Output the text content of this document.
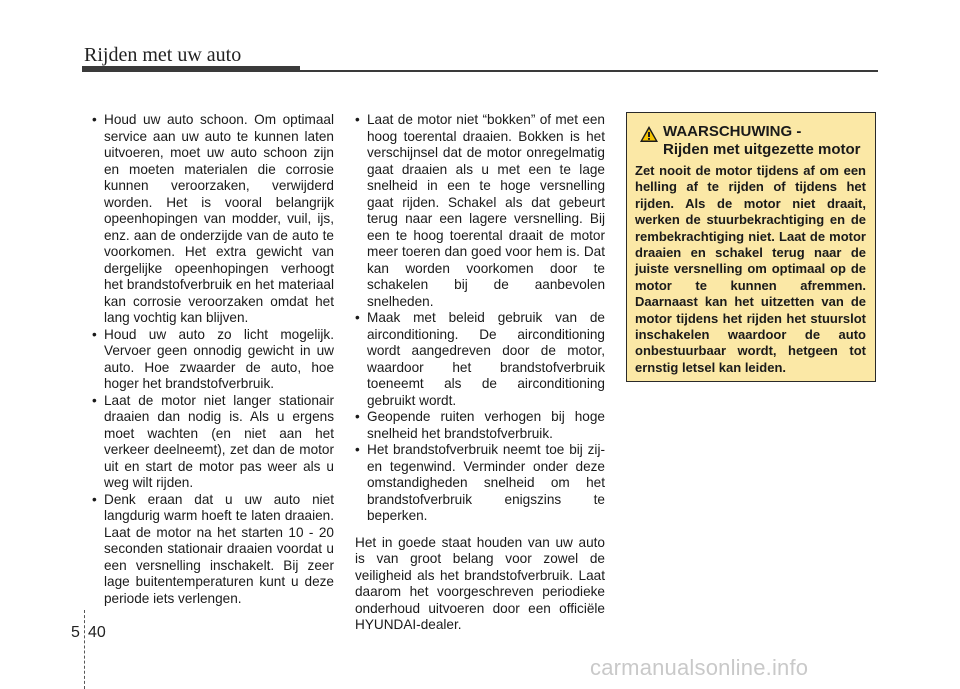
Rijden met uw auto
• Houd uw auto schoon. Om optimaal service aan uw auto te kunnen laten uitvoeren, moet uw auto schoon zijn en moeten materialen die corrosie kunnen veroorzaken, verwijderd worden. Het is vooral belangrijk opeenhopingen van modder, vuil, ijs, enz. aan de onderzijde van de auto te voorkomen. Het extra gewicht van dergelijke opeenhopingen verhoogt het brandstofverbruik en het materiaal kan corrosie veroorzaken omdat het lang vochtig kan blijven.
• Houd uw auto zo licht mogelijk. Vervoer geen onnodig gewicht in uw auto. Hoe zwaarder de auto, hoe hoger het brandstofverbruik.
• Laat de motor niet langer stationair draaien dan nodig is. Als u ergens moet wachten (en niet aan het verkeer deelneemt), zet dan de motor uit en start de motor pas weer als u weg wilt rijden.
• Denk eraan dat u uw auto niet langdurig warm hoeft te laten draaien. Laat de motor na het starten 10 - 20 seconden stationair draaien voordat u een versnelling inschakelt. Bij zeer lage buitentemperaturen kunt u deze periode iets verlengen.
• Laat de motor niet “bokken” of met een hoog toerental draaien. Bokken is het verschijnsel dat de motor onregelmatig gaat draaien als u met een te lage snelheid in een te hoge versnelling gaat rijden. Schakel als dat gebeurt terug naar een lagere versnelling. Bij een te hoog toerental draait de motor meer toeren dan goed voor hem is. Dat kan worden voorkomen door te schakelen bij de aanbevolen snelheden.
• Maak met beleid gebruik van de airconditioning. De airconditioning wordt aangedreven door de motor, waardoor het brandstofverbruik toeneemt als de airconditioning gebruikt wordt.
• Geopende ruiten verhogen bij hoge snelheid het brandstofverbruik.
• Het brandstofverbruik neemt toe bij zij-en tegenwind. Verminder onder deze omstandigheden snelheid om het brandstofverbruik enigszins te beperken.
Het in goede staat houden van uw auto is van groot belang voor zowel de veiligheid als het brandstofverbruik. Laat daarom het voorgeschreven periodieke onderhoud uitvoeren door een officiële HYUNDAI-dealer.
WAARSCHUWING -
Rijden met uitgezette motor
Zet nooit de motor tijdens af om een helling af te rijden of tijdens het rijden. Als de motor niet draait, werken de stuurbekrachtiging en de rembekrachtiging niet. Laat de motor draaien en schakel terug naar de juiste versnelling om optimaal op de motor te kunnen afremmen. Daarnaast kan het uitzetten van de motor tijdens het rijden het stuurslot inschakelen waardoor de auto onbestuurbaar wordt, hetgeen tot ernstig letsel kan leiden.
5 40
carmanualsonline.info
